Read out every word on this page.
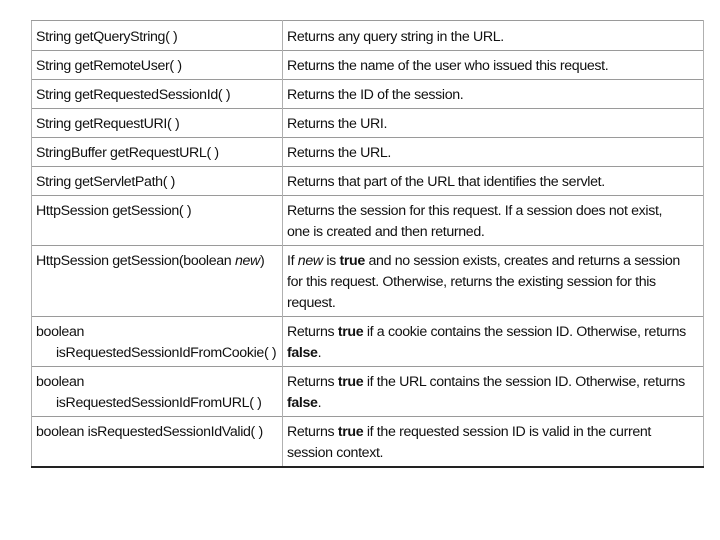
String getQueryString( )	Returns any query string in the URL.

String getRemoteUser( )	Returns the name of the user who issued this request.

String getRequestedSessionId( )	Returns the ID of the session.

String getRequestURI( )	Returns the URI.

StringBuffer getRequestURL( )	Returns the URL.

String getServletPath( )	Returns that part of the URL that identifies the servlet.

HttpSession getSession( )	Returns the session for this request. If a session does not exist,
one is created and then returned.

HttpSession getSession(boolean new)	If new is true and no session exists, creates and returns a session
for this request. Otherwise, returns the existing session for this
request.

boolean
isRequestedSessionIdFromCookie( )	Returns true if a cookie contains the session ID. Otherwise, returns
false.

boolean
isRequestedSessionIdFromURL( )	Returns true if the URL contains the session ID. Otherwise, returns
false.

boolean isRequestedSessionIdValid( )	Returns true if the requested session ID is valid in the current
session context.
